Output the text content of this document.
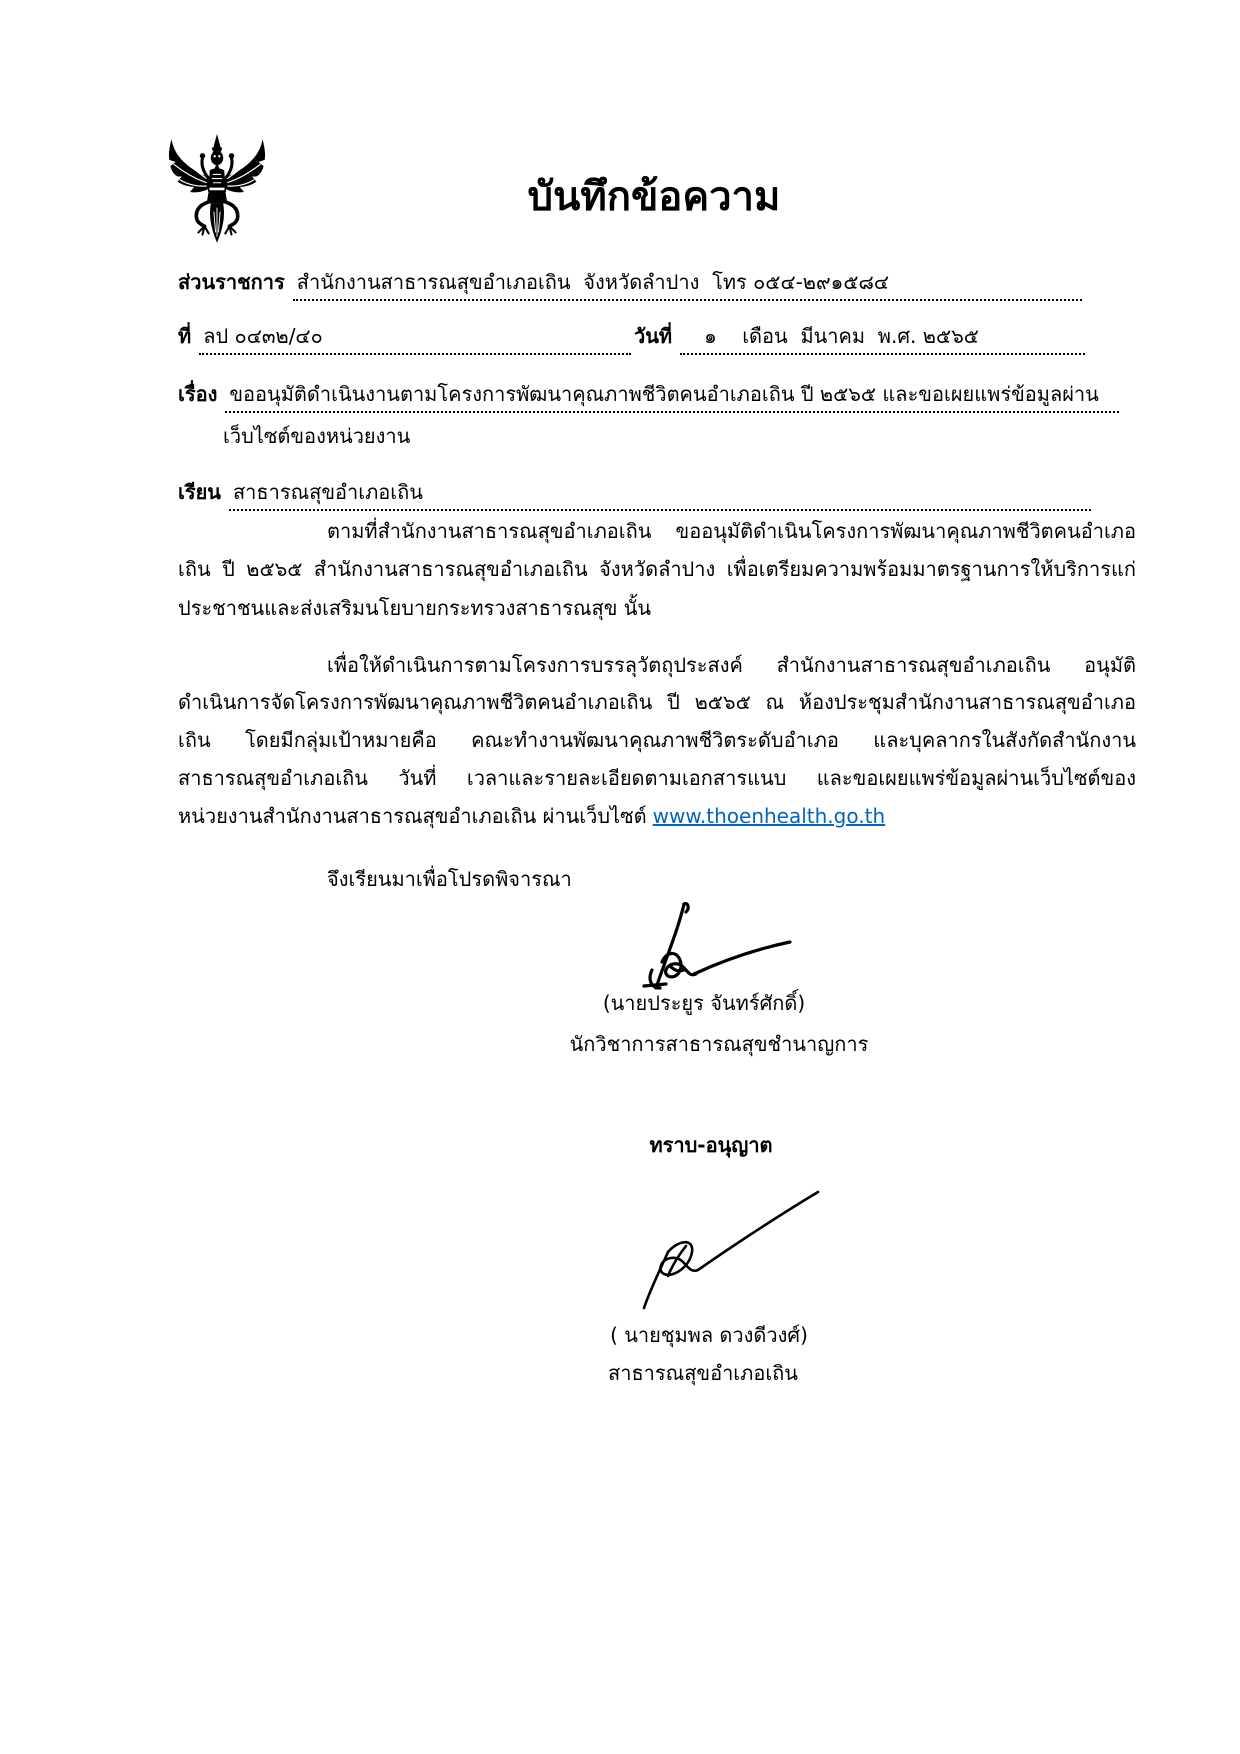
บันทึกข้อความ
ส่วนราชการ สำนักงานสาธารณสุขอำเภอเถิน  จังหวัดลำปาง  โทร ๐๕๔-๒๙๑๕๘๔
ที่ ลป ๐๔๓๒/๔๐	วันที่	๑    เดือน  มีนาคม  พ.ศ. ๒๕๖๕
เรื่อง ขออนุมัติดำเนินงานตามโครงการพัฒนาคุณภาพชีวิตคนอำเภอเถิน ปี ๒๕๖๕ และขอเผยแพร่ข้อมูลผ่าน
เว็บไซต์ของหน่วยงาน
เรียน สาธารณสุขอำเภอเถิน
ตามที่สำนักงานสาธารณสุขอำเภอเถิน ขออนุมัติดำเนินโครงการพัฒนาคุณภาพชีวิตคนอำเภอ
เถิน ปี ๒๕๖๕ สำนักงานสาธารณสุขอำเภอเถิน จังหวัดลำปาง เพื่อเตรียมความพร้อมมาตรฐานการให้บริการแก่
ประชาชนและส่งเสริมนโยบายกระทรวงสาธารณสุข นั้น
เพื่อให้ดำเนินการตามโครงการบรรลุวัตถุประสงค์ สำนักงานสาธารณสุขอำเภอเถิน อนุมัติ
ดำเนินการจัดโครงการพัฒนาคุณภาพชีวิตคนอำเภอเถิน ปี ๒๕๖๕ ณ ห้องประชุมสำนักงานสาธารณสุขอำเภอ
เถิน โดยมีกลุ่มเป้าหมายคือ คณะทำงานพัฒนาคุณภาพชีวิตระดับอำเภอ และบุคลากรในสังกัดสำนักงาน
สาธารณสุขอำเภอเถิน วันที่ เวลาและรายละเอียดตามเอกสารแนบ และขอเผยแพร่ข้อมูลผ่านเว็บไซต์ของ
หน่วยงานสำนักงานสาธารณสุขอำเภอเถิน ผ่านเว็บไซต์ www.thoenhealth.go.th
จึงเรียนมาเพื่อโปรดพิจารณา
(นายประยูร จันทร์ศักดิ์)
นักวิชาการสาธารณสุขชำนาญการ
ทราบ-อนุญาต
( นายชุมพล ดวงดีวงศ์)
สาธารณสุขอำเภอเถิน
